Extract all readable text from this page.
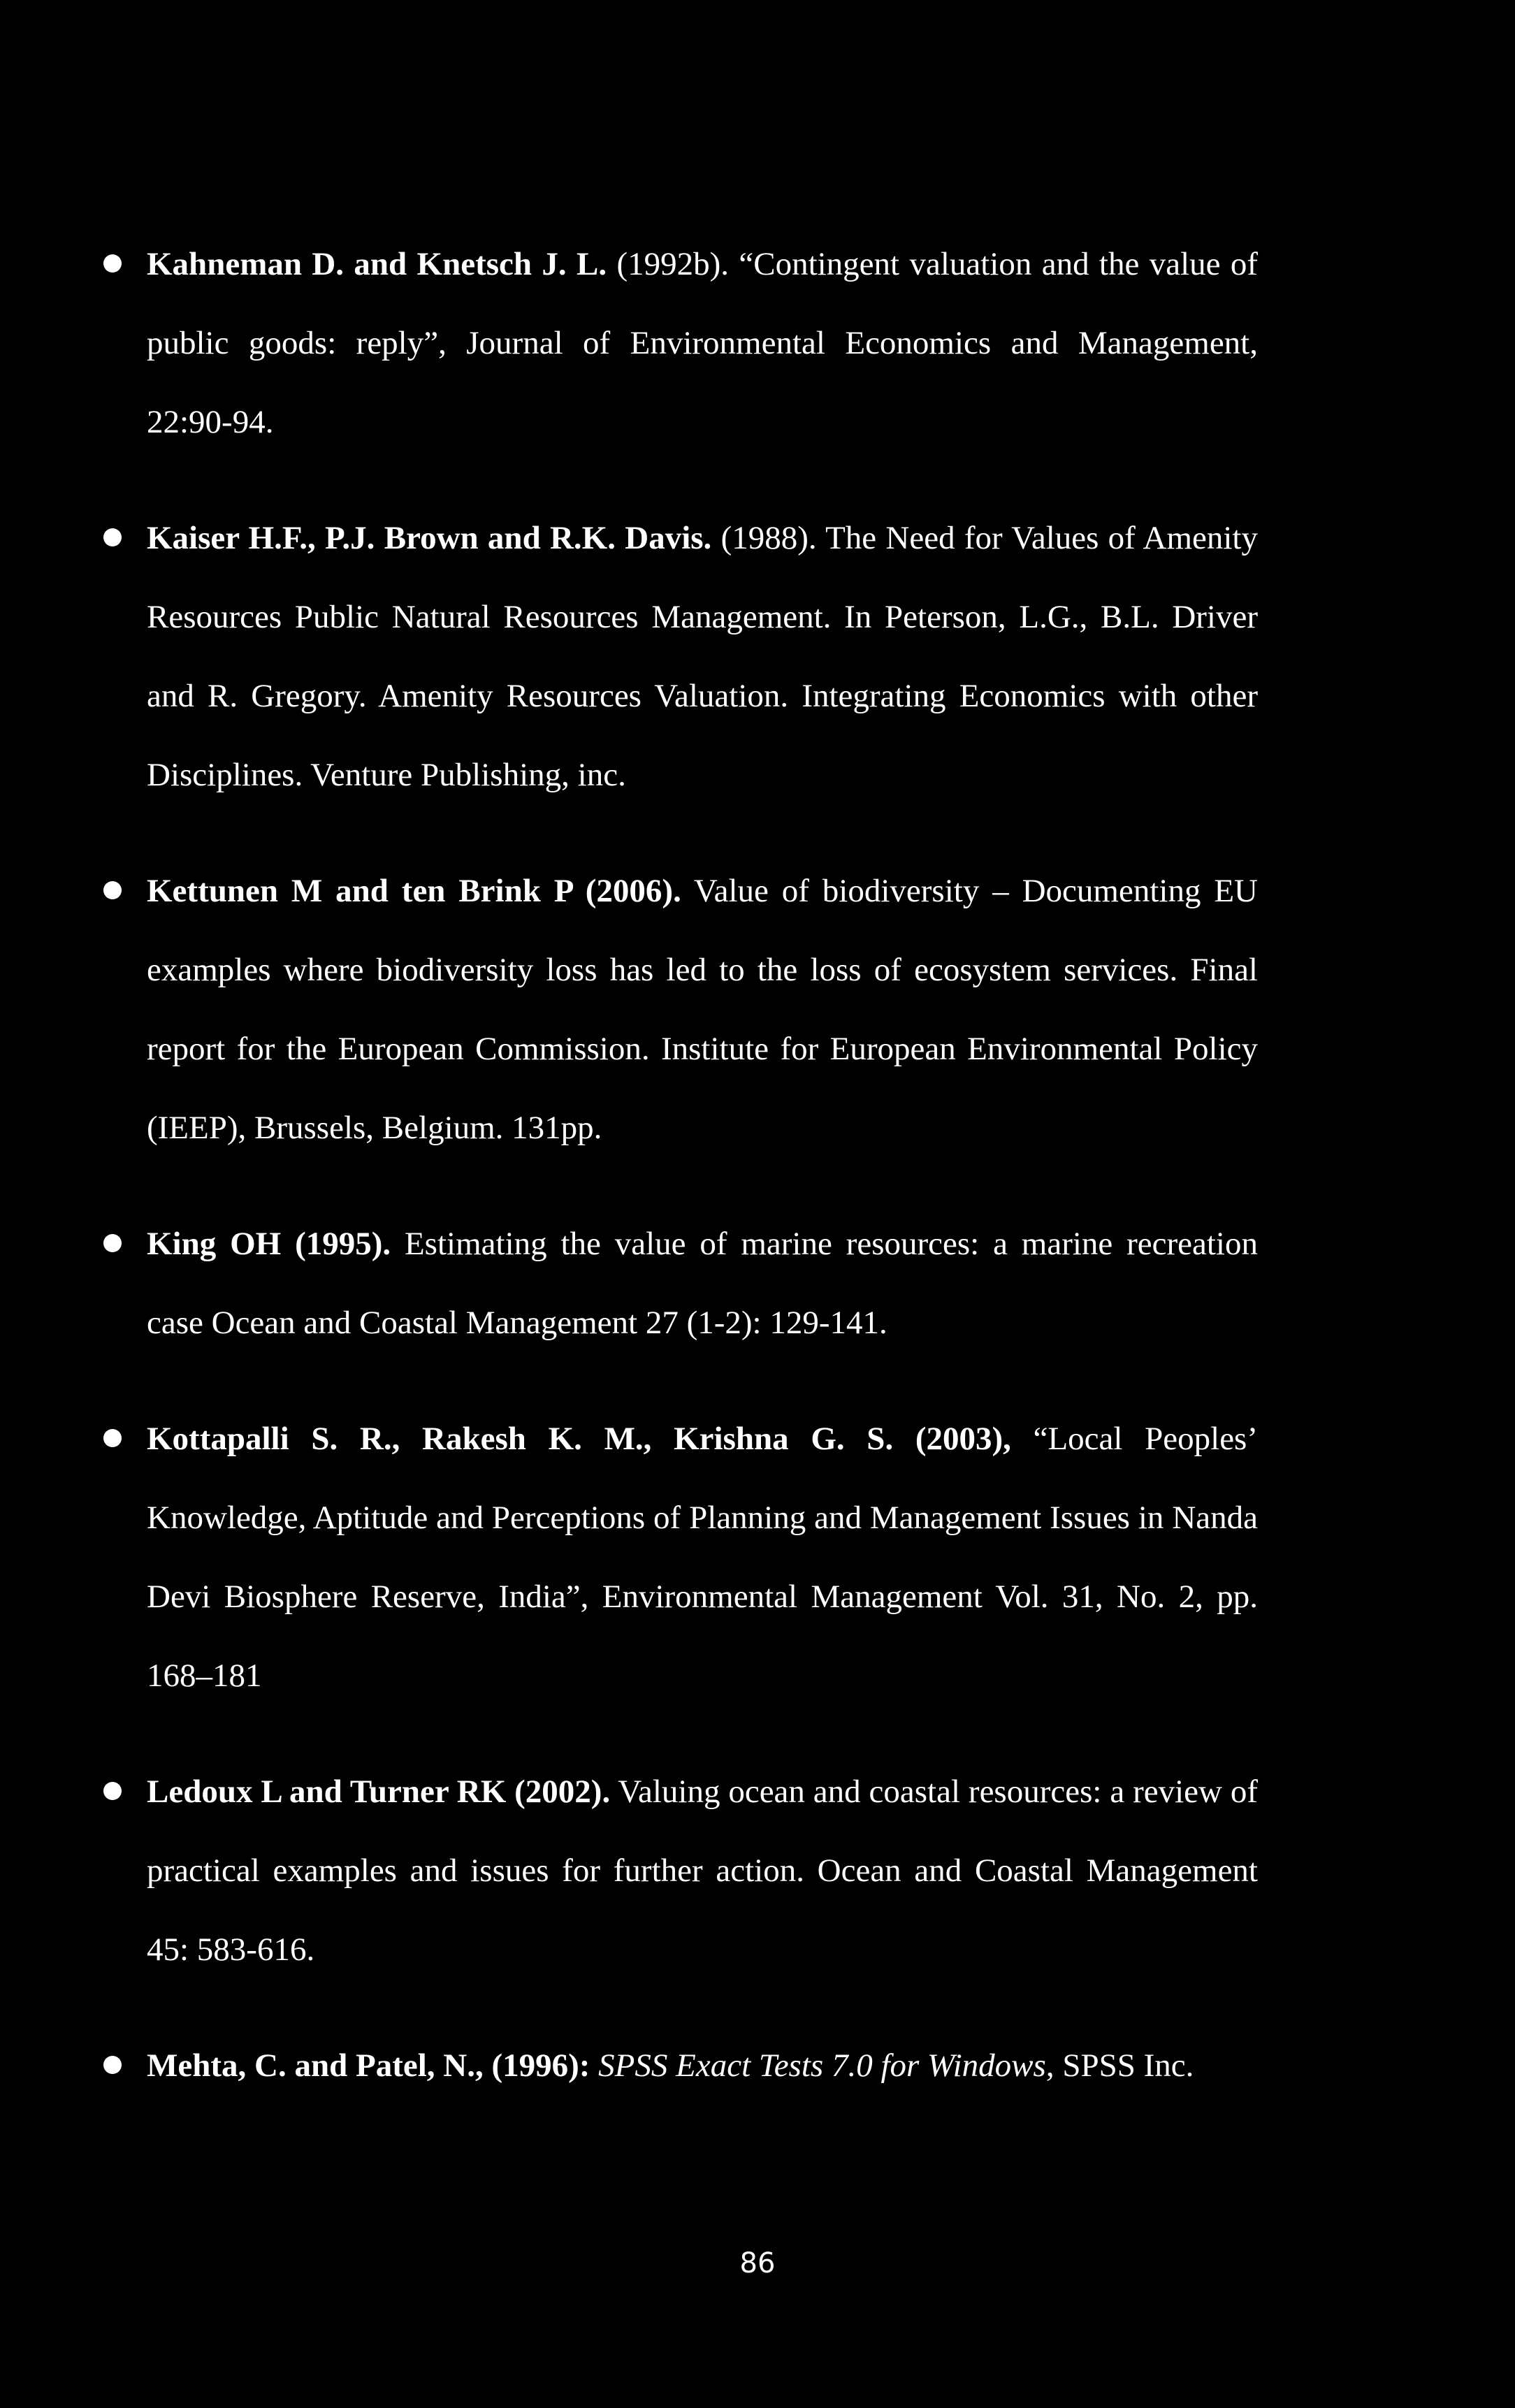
Kahneman D. and Knetsch J. L. (1992b). “Contingent valuation and the value of public goods: reply”, Journal of Environmental Economics and Management, 22:90-94.
Kaiser H.F., P.J. Brown and R.K. Davis. (1988). The Need for Values of Amenity Resources Public Natural Resources Management. In Peterson, L.G., B.L. Driver and R. Gregory. Amenity Resources Valuation. Integrating Economics with other Disciplines. Venture Publishing, inc.
Kettunen M and ten Brink P (2006). Value of biodiversity – Documenting EU examples where biodiversity loss has led to the loss of ecosystem services. Final report for the European Commission. Institute for European Environmental Policy (IEEP), Brussels, Belgium. 131pp.
King OH (1995). Estimating the value of marine resources: a marine recreation case Ocean and Coastal Management 27 (1-2): 129-141.
Kottapalli S. R., Rakesh K. M., Krishna G. S. (2003), “Local Peoples’ Knowledge, Aptitude and Perceptions of Planning and Management Issues in Nanda Devi Biosphere Reserve, India”, Environmental Management Vol. 31, No. 2, pp. 168–181
Ledoux L and Turner RK (2002). Valuing ocean and coastal resources: a review of practical examples and issues for further action. Ocean and Coastal Management 45: 583-616.
Mehta, C. and Patel, N., (1996): SPSS Exact Tests 7.0 for Windows, SPSS Inc.
86
